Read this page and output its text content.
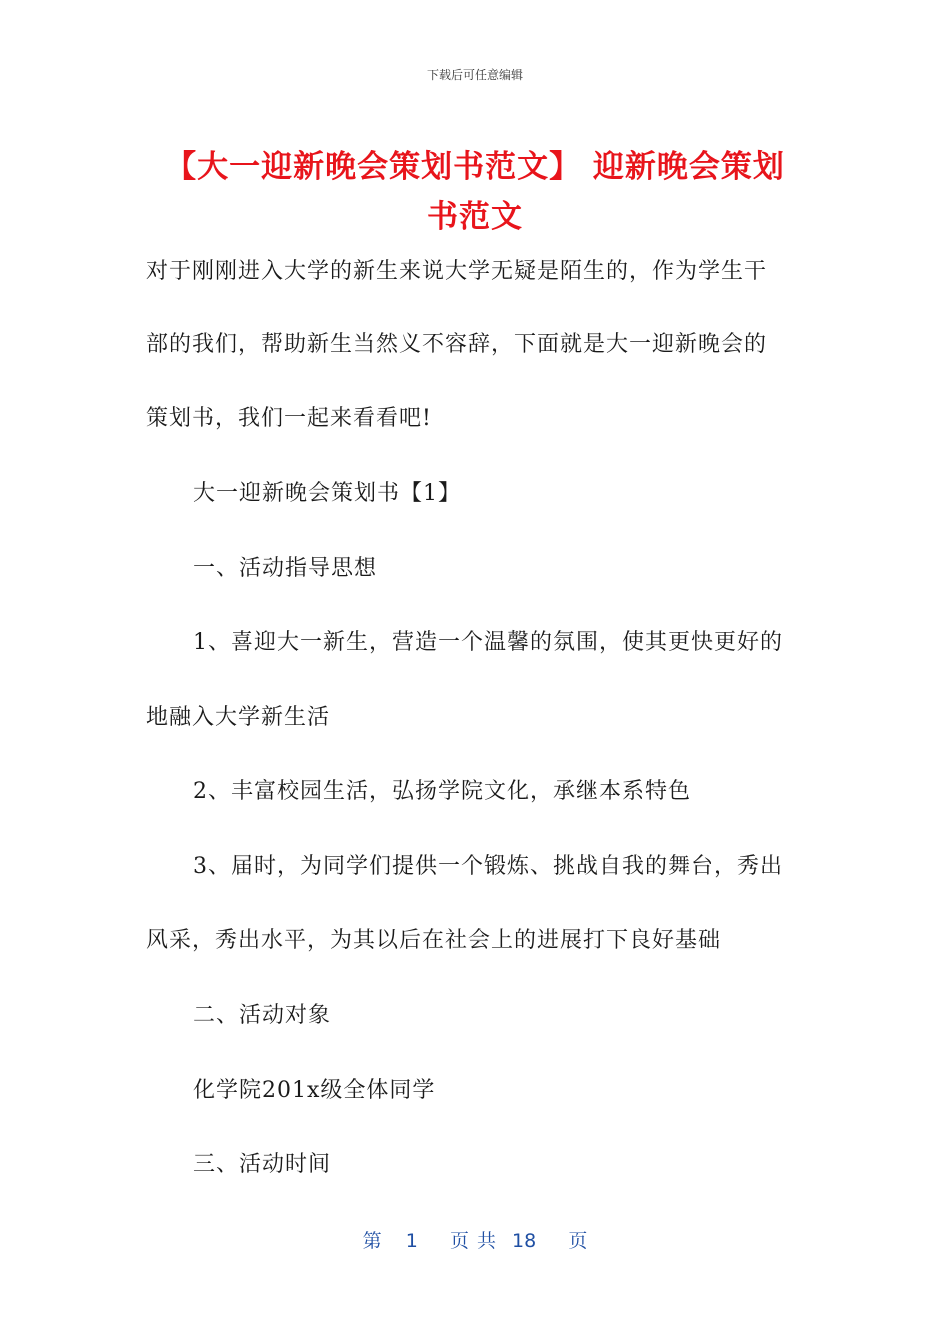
下载后可任意编辑
【大一迎新晚会策划书范文】 迎新晚会策划
书范文
对于刚刚进入大学的新生来说大学无疑是陌生的，作为学生干
部的我们，帮助新生当然义不容辞，下面就是大一迎新晚会的
策划书，我们一起来看看吧!
大一迎新晚会策划书【1】
一、活动指导思想
1、喜迎大一新生，营造一个温馨的氛围，使其更快更好的
地融入大学新生活
2、丰富校园生活，弘扬学院文化，承继本系特色
3、届时，为同学们提供一个锻炼、挑战自我的舞台，秀出
风采，秀出水平，为其以后在社会上的进展打下良好基础
二、活动对象
化学院201x级全体同学
三、活动时间
第   1    页 共  18    页
